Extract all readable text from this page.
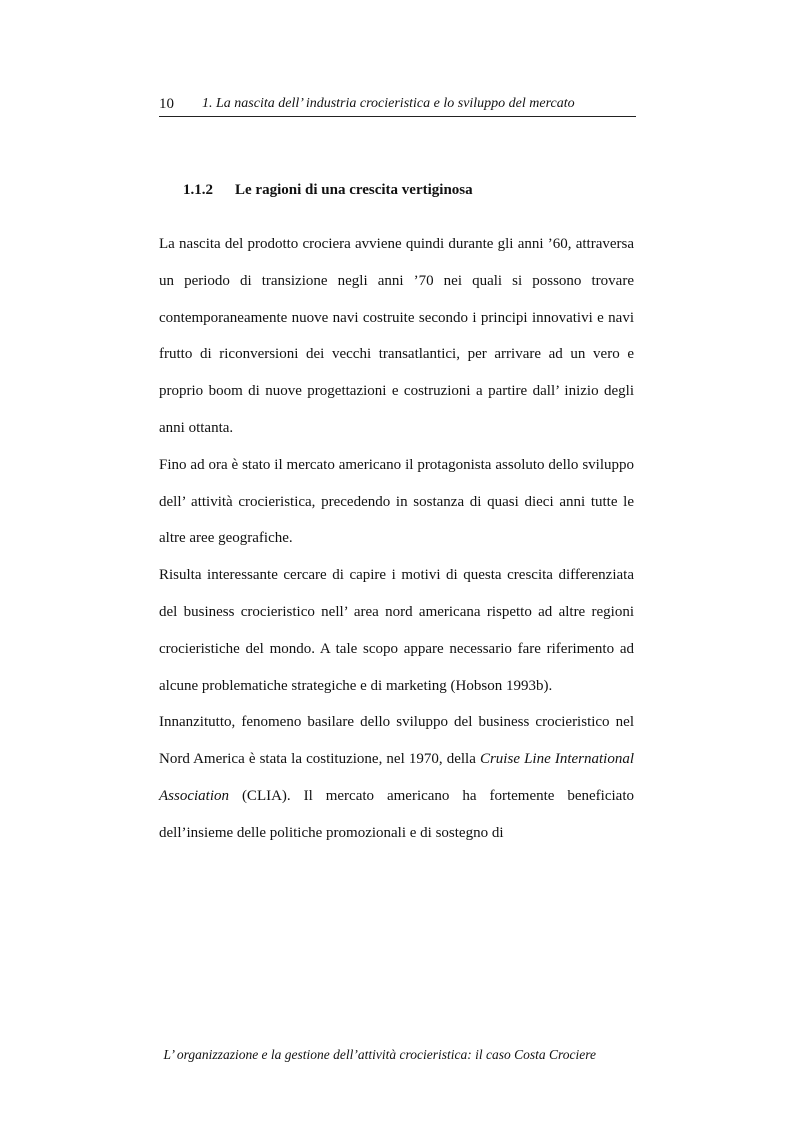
10 1. La nascita dell’ industria crocieristica e lo sviluppo del mercato
1.1.2 Le ragioni di una crescita vertiginosa

La nascita del prodotto crociera avviene quindi durante gli anni ’60, attraversa un periodo di transizione negli anni ’70 nei quali si possono trovare contemporaneamente nuove navi costruite secondo i principi innovativi e navi frutto di riconversioni dei vecchi transatlantici, per arrivare ad un vero e proprio boom di nuove progettazioni e costruzioni a partire dall’ inizio degli anni ottanta.

Fino ad ora è stato il mercato americano il protagonista assoluto dello sviluppo dell’ attività crocieristica, precedendo in sostanza di quasi dieci anni tutte le altre aree geografiche.

Risulta interessante cercare di capire i motivi di questa crescita differenziata del business crocieristico nell’ area nord americana rispetto ad altre regioni crocieristiche del mondo. A tale scopo appare necessario fare riferimento ad alcune problematiche strategiche e di marketing (Hobson 1993b).

Innanzitutto, fenomeno basilare dello sviluppo del business crocieristico nel Nord America è stata la costituzione, nel 1970, della Cruise Line International Association (CLIA). Il mercato americano ha fortemente beneficiato dell’insieme delle politiche promozionali e di sostegno di

L’ organizzazione e la gestione dell’attività crocieristica: il caso Costa Crociere
